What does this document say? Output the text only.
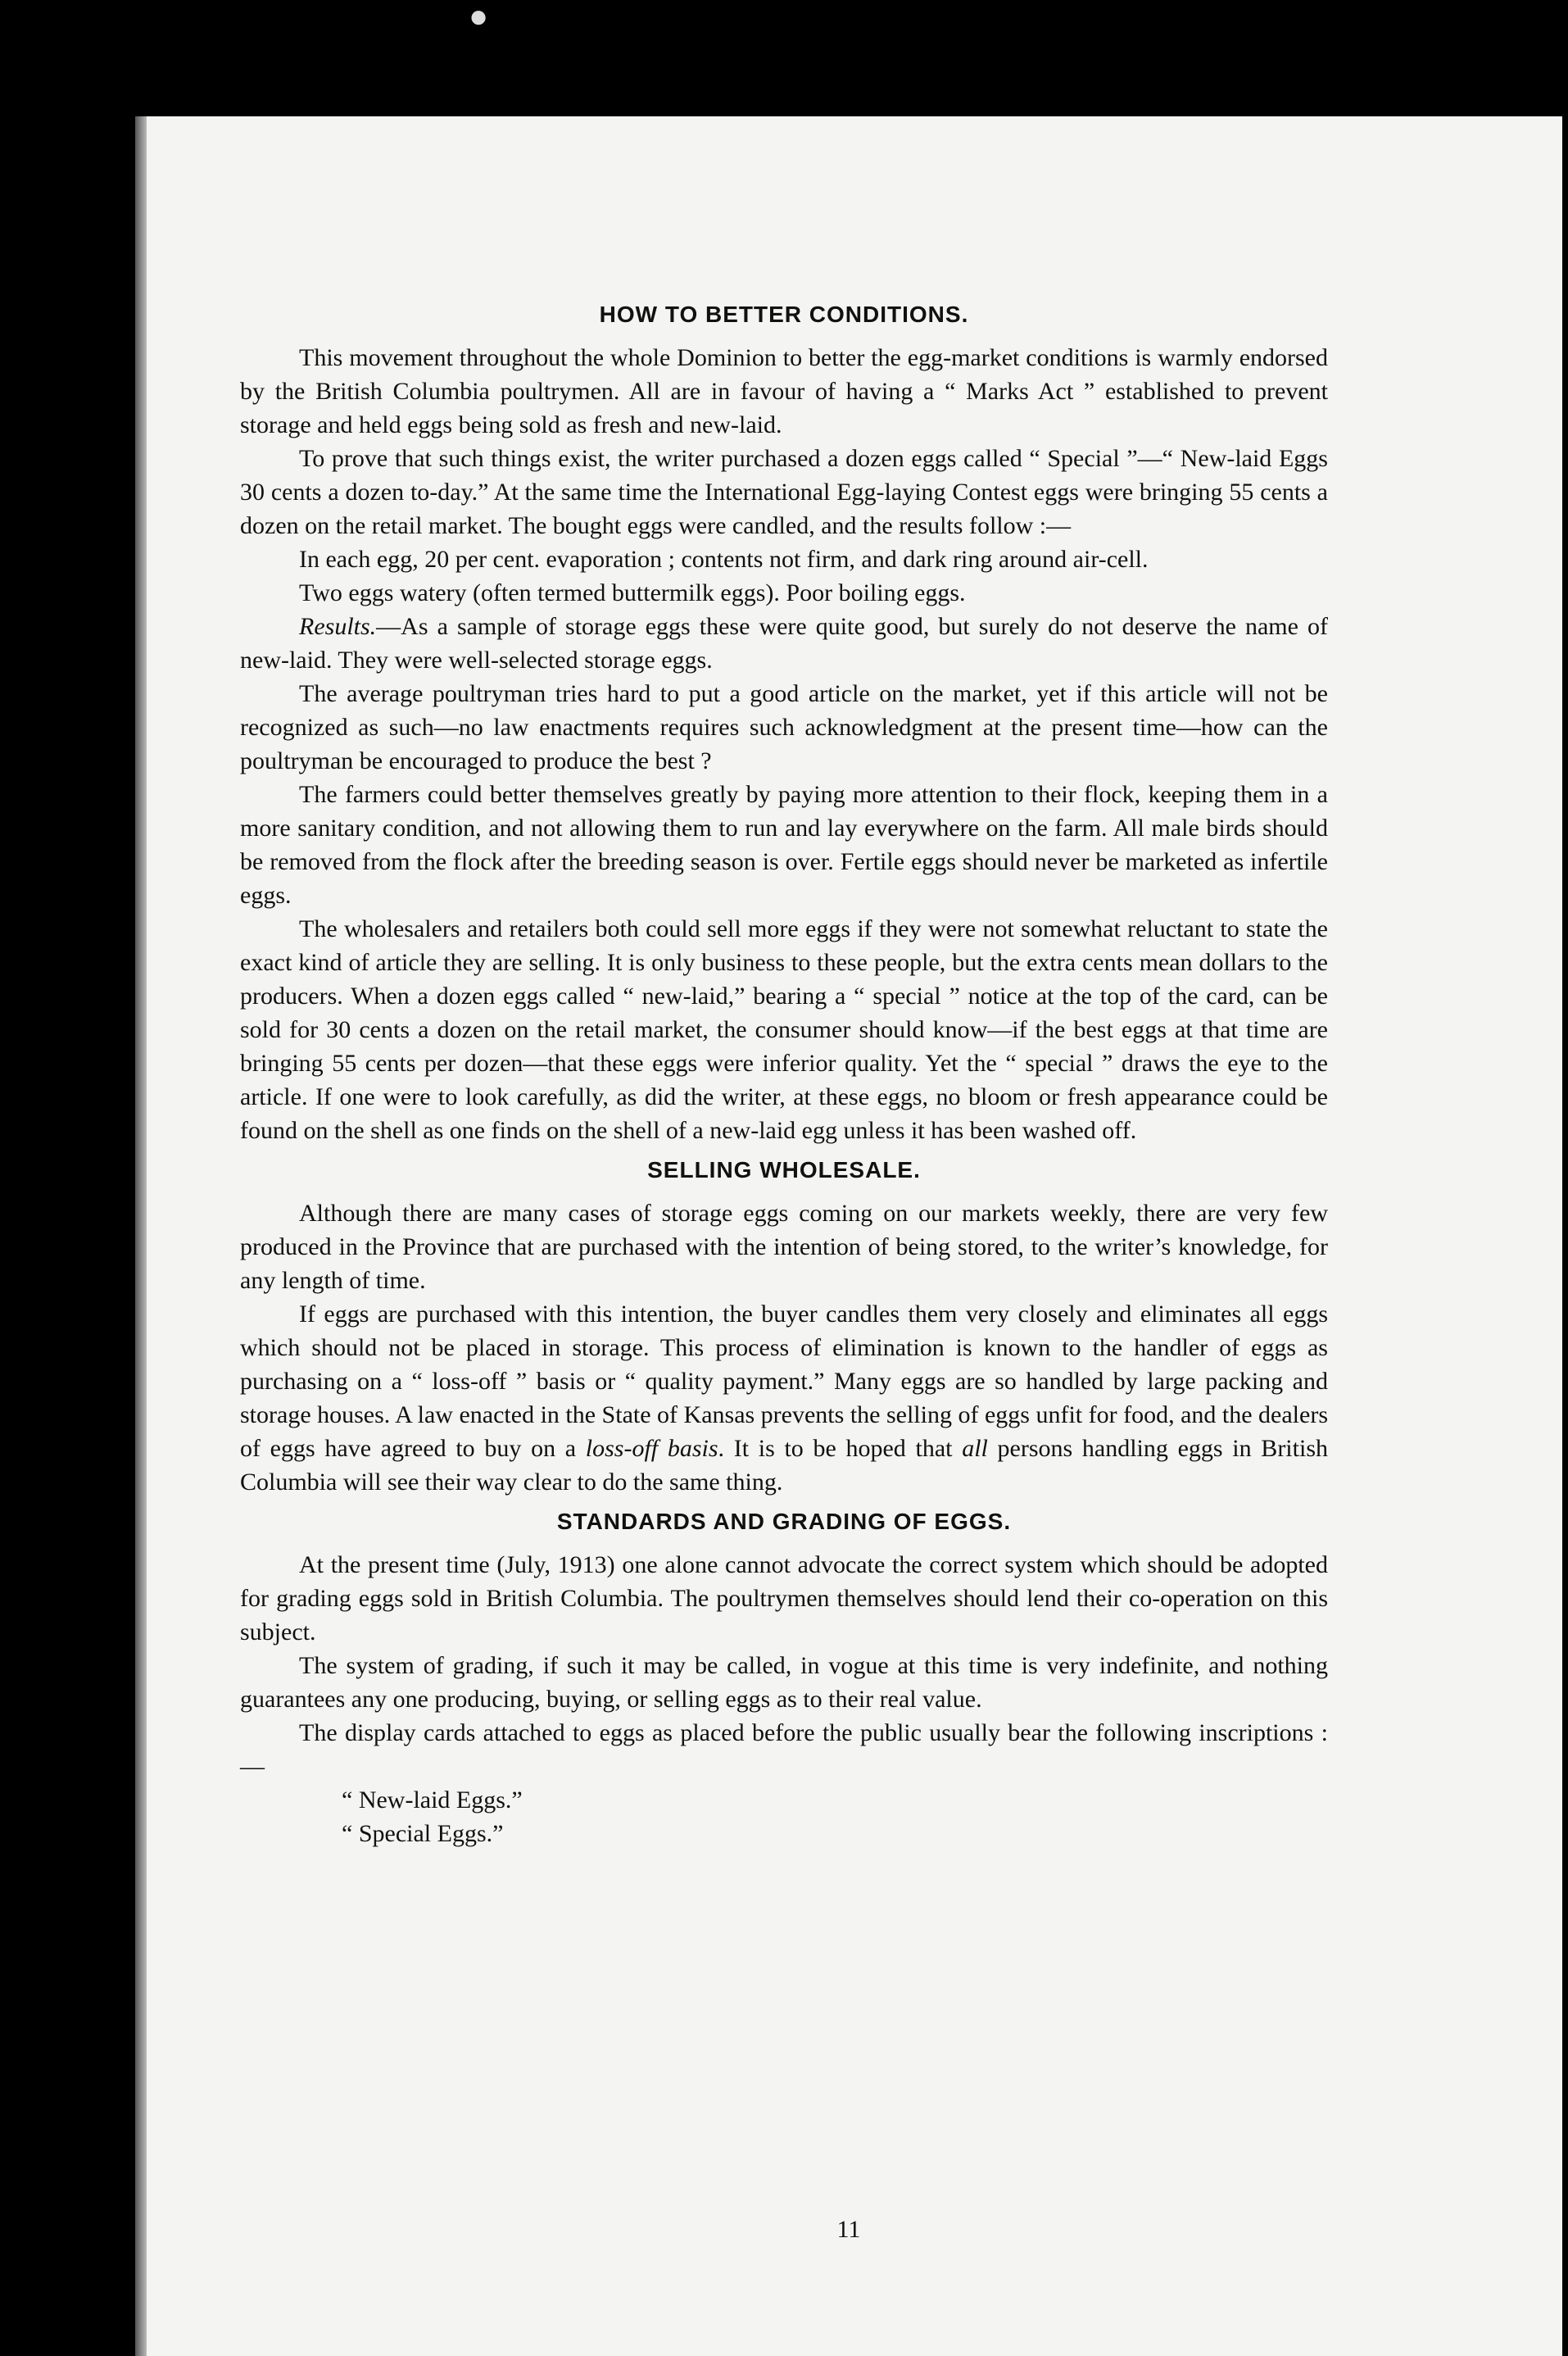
●
HOW TO BETTER CONDITIONS.

This movement throughout the whole Dominion to better the egg-market conditions is warmly endorsed by the British Columbia poultrymen. All are in favour of having a “ Marks Act ” established to prevent storage and held eggs being sold as fresh and new-laid.

To prove that such things exist, the writer purchased a dozen eggs called “ Special ”—“ New-laid Eggs 30 cents a dozen to-day.” At the same time the International Egg-laying Contest eggs were bringing 55 cents a dozen on the retail market. The bought eggs were candled, and the results follow :—

In each egg, 20 per cent. evaporation ; contents not firm, and dark ring around air-cell.

Two eggs watery (often termed buttermilk eggs). Poor boiling eggs.

Results.—As a sample of storage eggs these were quite good, but surely do not deserve the name of new-laid. They were well-selected storage eggs.

The average poultryman tries hard to put a good article on the market, yet if this article will not be recognized as such—no law enactments requires such acknowledgment at the present time—how can the poultryman be encouraged to produce the best ?

The farmers could better themselves greatly by paying more attention to their flock, keeping them in a more sanitary condition, and not allowing them to run and lay everywhere on the farm. All male birds should be removed from the flock after the breeding season is over. Fertile eggs should never be marketed as infertile eggs.

The wholesalers and retailers both could sell more eggs if they were not somewhat reluctant to state the exact kind of article they are selling. It is only business to these people, but the extra cents mean dollars to the producers. When a dozen eggs called “ new-laid,” bearing a “ special ” notice at the top of the card, can be sold for 30 cents a dozen on the retail market, the consumer should know—if the best eggs at that time are bringing 55 cents per dozen—that these eggs were inferior quality. Yet the “ special ” draws the eye to the article. If one were to look carefully, as did the writer, at these eggs, no bloom or fresh appearance could be found on the shell as one finds on the shell of a new-laid egg unless it has been washed off.

SELLING WHOLESALE.

Although there are many cases of storage eggs coming on our markets weekly, there are very few produced in the Province that are purchased with the intention of being stored, to the writer’s knowledge, for any length of time.

If eggs are purchased with this intention, the buyer candles them very closely and eliminates all eggs which should not be placed in storage. This process of elimination is known to the handler of eggs as purchasing on a “ loss-off ” basis or “ quality payment.” Many eggs are so handled by large packing and storage houses. A law enacted in the State of Kansas prevents the selling of eggs unfit for food, and the dealers of eggs have agreed to buy on a loss-off basis. It is to be hoped that all persons handling eggs in British Columbia will see their way clear to do the same thing.

STANDARDS AND GRADING OF EGGS.

At the present time (July, 1913) one alone cannot advocate the correct system which should be adopted for grading eggs sold in British Columbia. The poultrymen themselves should lend their co-operation on this subject.

The system of grading, if such it may be called, in vogue at this time is very indefinite, and nothing guarantees any one producing, buying, or selling eggs as to their real value.

The display cards attached to eggs as placed before the public usually bear the following inscriptions :—

“ New-laid Eggs.”

“ Special Eggs.”

11
